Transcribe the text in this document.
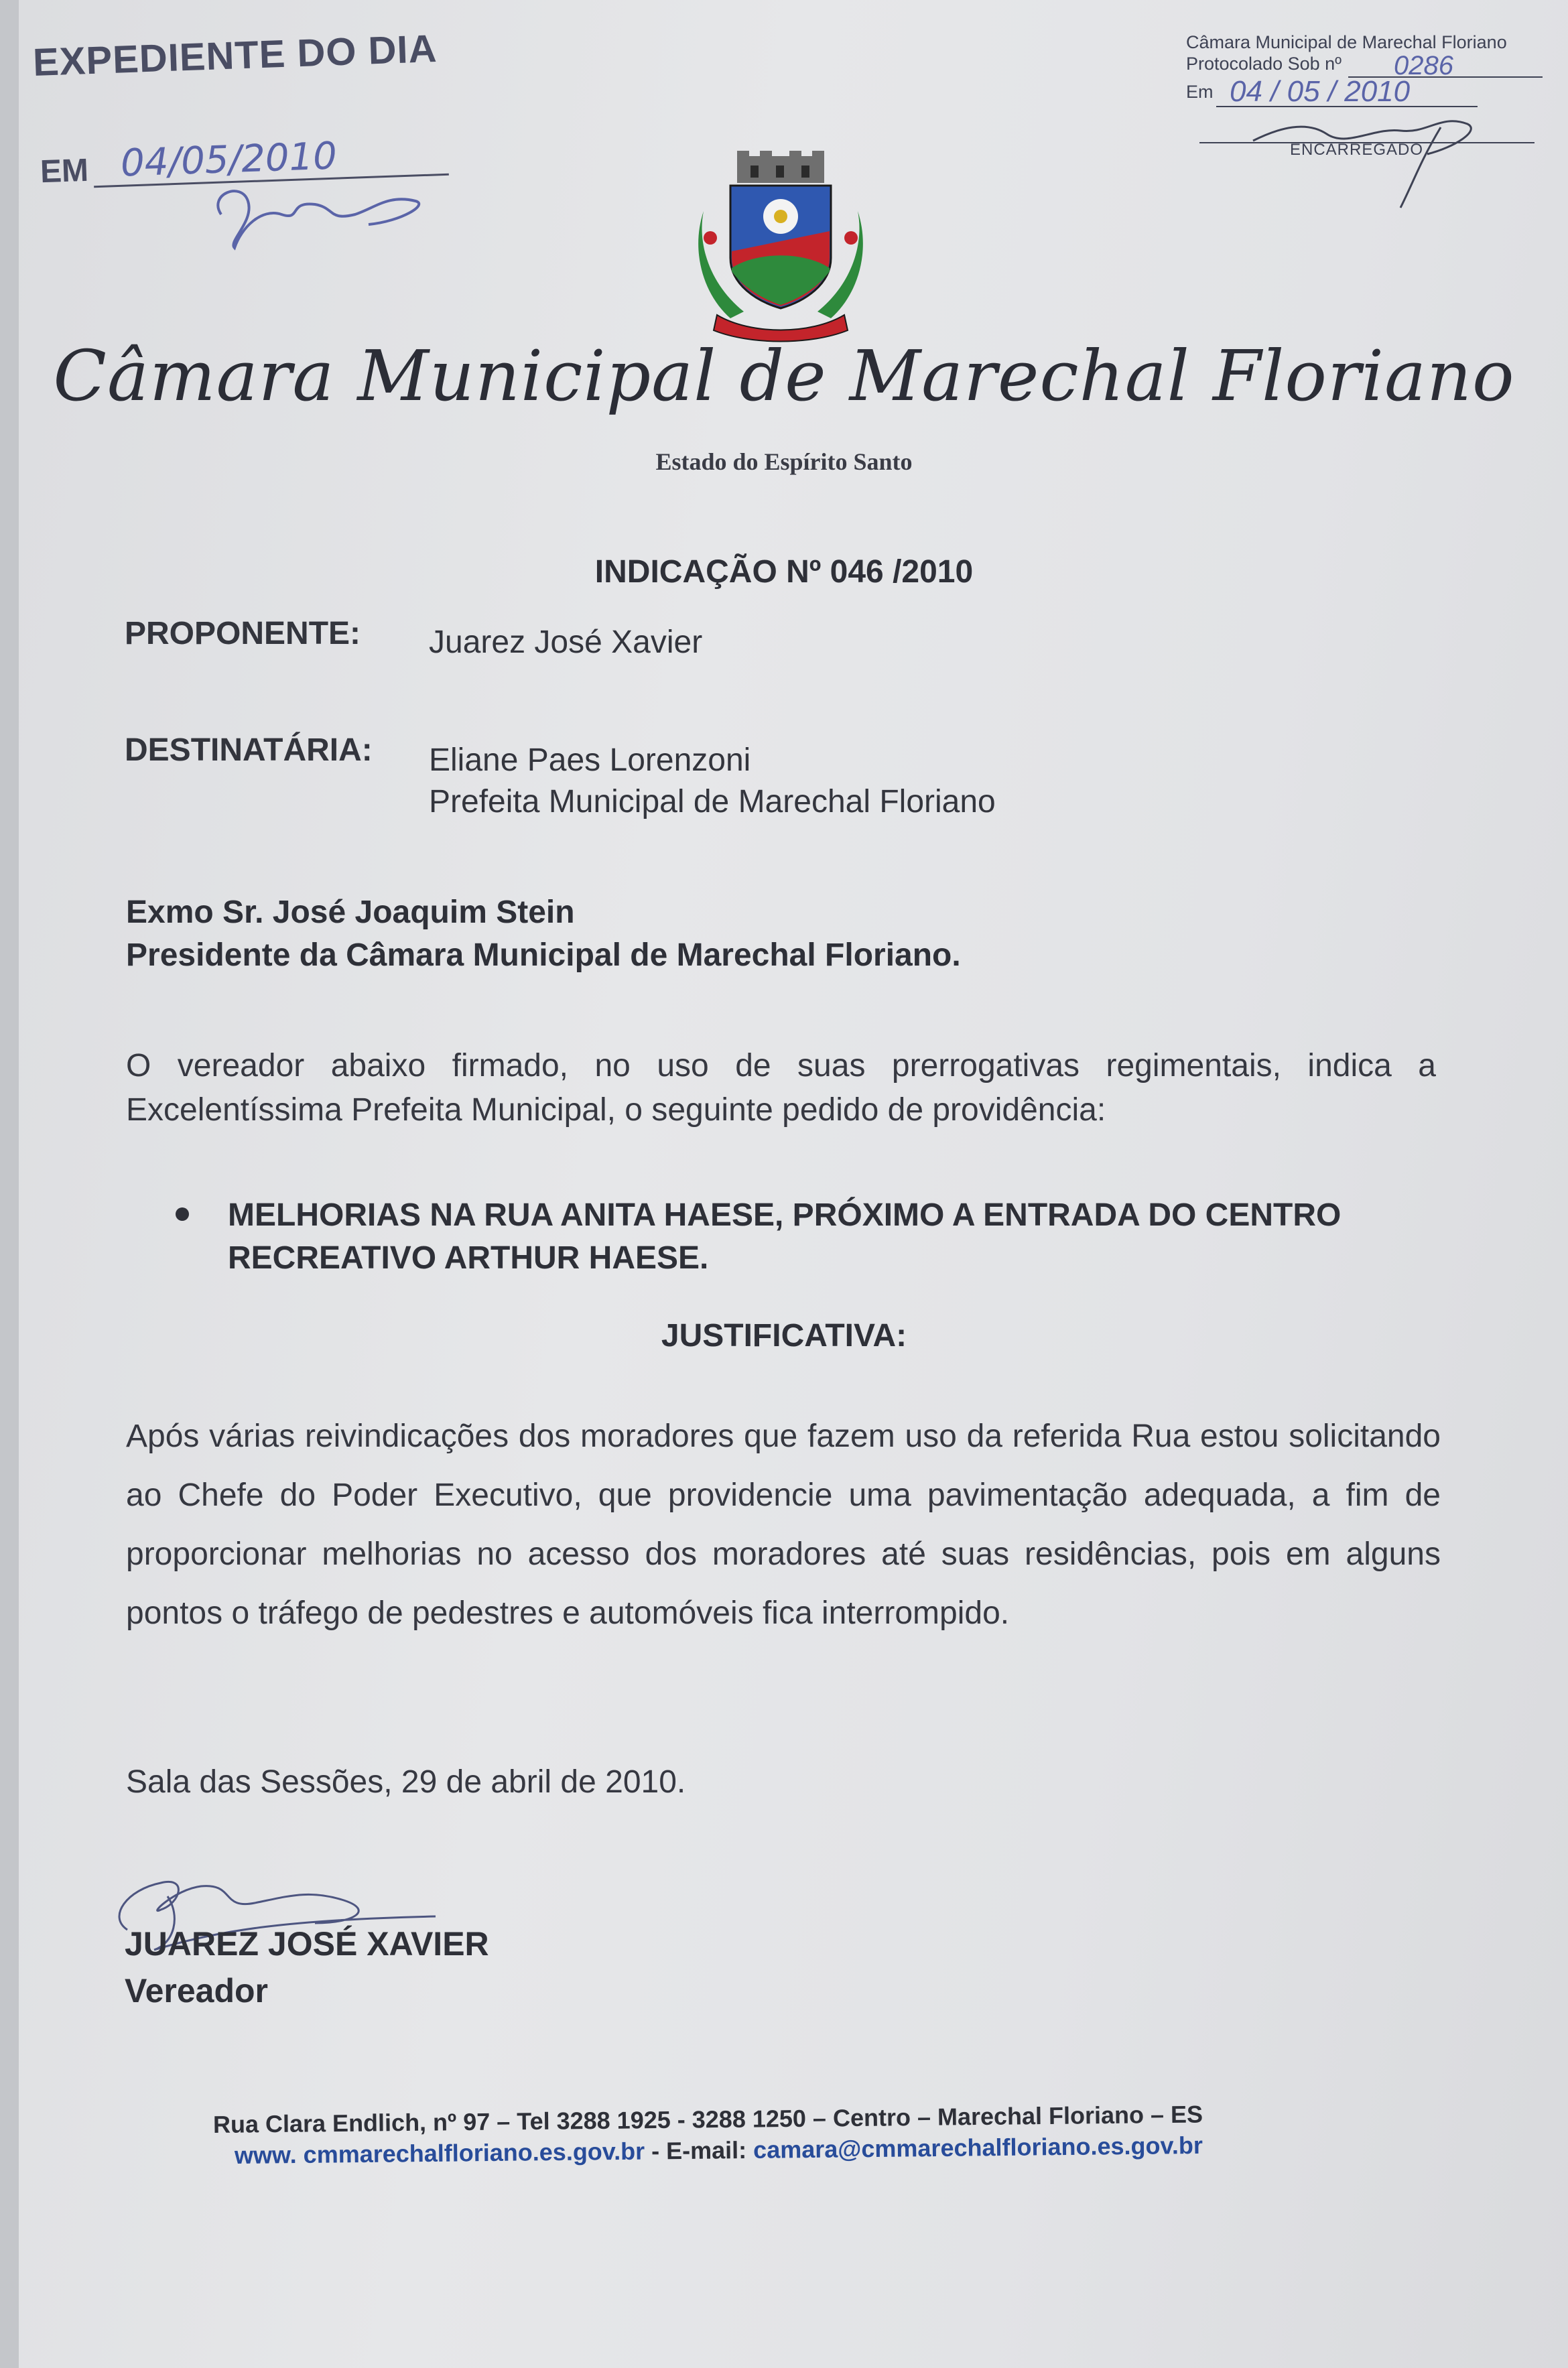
EXPEDIENTE DO DIA
EM 04/05/2010
Câmara Municipal de Marechal Floriano
Protocolado Sob nº 0286
Em 04 / 05 / 2010
ENCARREGADO
Câmara Municipal de Marechal Floriano
Estado do Espírito Santo
INDICAÇÃO Nº 046 /2010
PROPONENTE: Juarez José Xavier
DESTINATÁRIA: Eliane Paes Lorenzoni
Prefeita Municipal de Marechal Floriano
Exmo Sr. José Joaquim Stein
Presidente da Câmara Municipal de Marechal Floriano.
O vereador abaixo firmado, no uso de suas prerrogativas regimentais, indica a Excelentíssima Prefeita Municipal, o seguinte pedido de providência:
MELHORIAS NA RUA ANITA HAESE, PRÓXIMO A ENTRADA DO CENTRO RECREATIVO ARTHUR HAESE.
JUSTIFICATIVA:
Após várias reivindicações dos moradores que fazem uso da referida Rua estou solicitando ao Chefe do Poder Executivo, que providencie uma pavimentação adequada, a fim de proporcionar melhorias no acesso dos moradores até suas residências, pois em alguns pontos o tráfego de pedestres e automóveis fica interrompido.
Sala das Sessões, 29 de abril de 2010.
JUAREZ JOSÉ XAVIER
Vereador
Rua Clara Endlich, nº 97 – Tel 3288 1925 - 3288 1250 – Centro – Marechal Floriano – ES
www. cmmarechalfloriano.es.gov.br - E-mail: camara@cmmarechalfloriano.es.gov.br
